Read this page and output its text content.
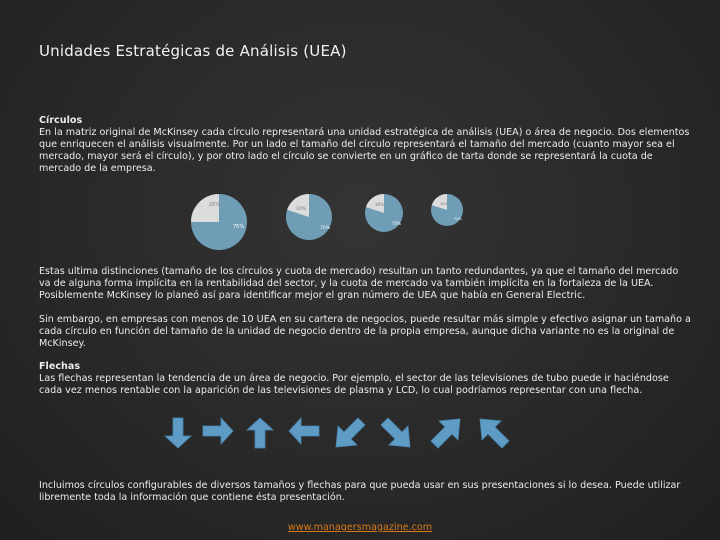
Unidades Estratégicas de Análisis (UEA)

Círculos

En la matriz original de McKinsey cada círculo representará una unidad estratégica de análisis (UEA) o área de negocio. Dos elementos que enriquecen el análisis visualmente. Por un lado el tamaño del círculo representará el tamaño del mercado (cuanto mayor sea el mercado, mayor será el círculo), y por otro lado el círculo se convierte en un gráfico de tarta donde se representará la cuota de mercado de la empresa.

25%
75%
30%
70%
30%
70%
30%
70%
Estas ultima distinciones (tamaño de los círculos y cuota de mercado) resultan un tanto redundantes, ya que el tamaño del mercado va de alguna forma implícita en la rentabilidad del sector, y la cuota de mercado va también implícita en la fortaleza de la UEA. Posiblemente McKinsey lo planeó así para identificar mejor el gran número de UEA que había en General Electric.
Sin embargo, en empresas con menos de 10 UEA en su cartera de negocios, puede resultar más simple y efectivo asignar un tamaño a cada círculo en función del tamaño de la unidad de negocio dentro de la propia empresa, aunque dicha variante no es la original de McKinsey.

Flechas

Las flechas representan la tendencia de un área de negocio. Por ejemplo, el sector de las televisiones de tubo puede ir haciéndose cada vez menos rentable con la aparición de las televisiones de plasma y LCD, lo cual podríamos representar con una flecha.

Incluimos círculos configurables de diversos tamaños y flechas para que pueda usar en sus presentaciones si lo desea. Puede utilizar libremente toda la información que contiene ésta presentación.
www.managersmagazine.com
